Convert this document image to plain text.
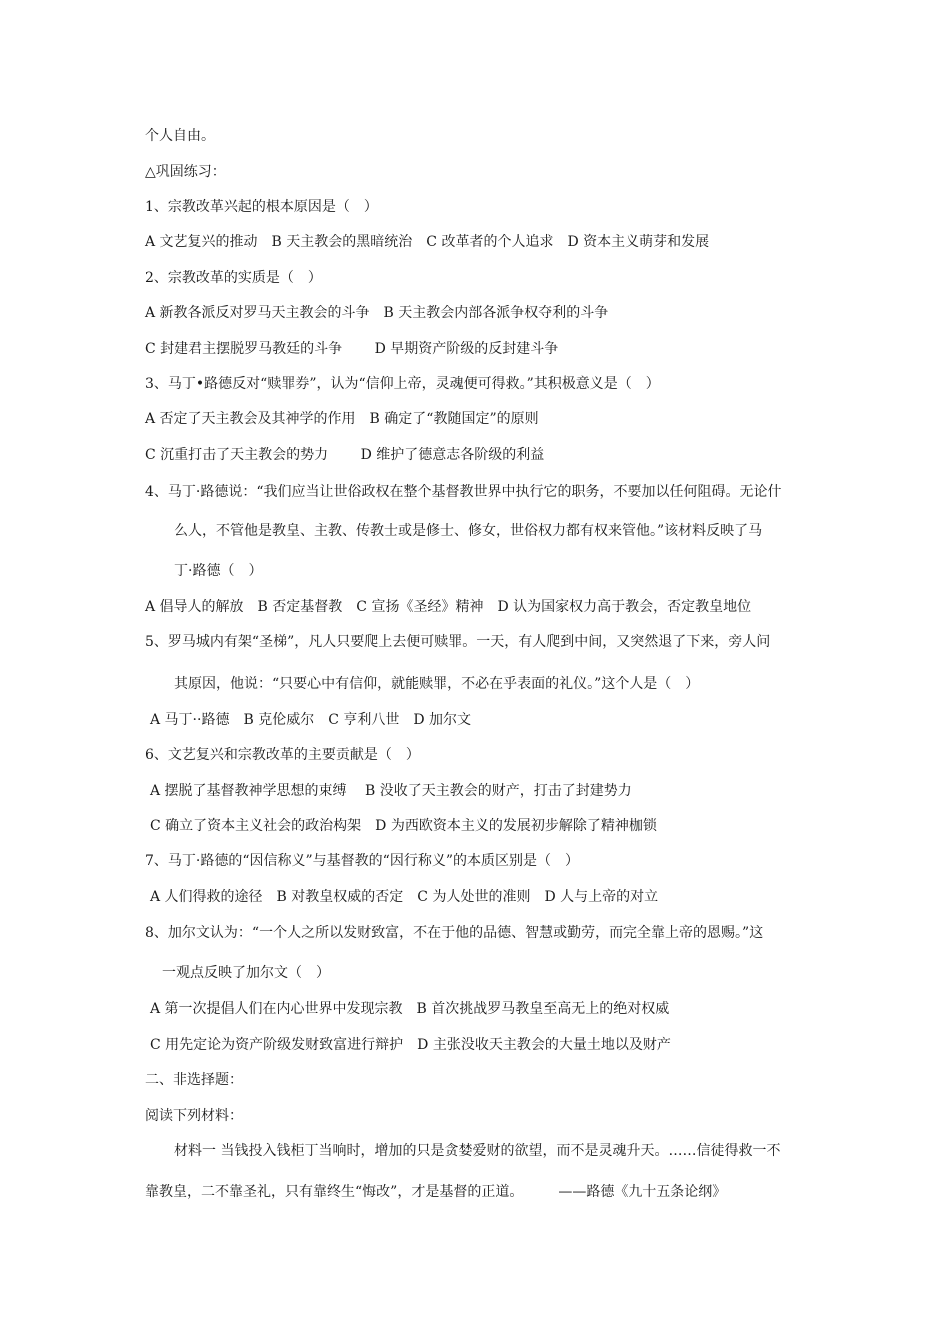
个人自由。
△巩固练习：
1、宗教改革兴起的根本原因是（　）
A 文艺复兴的推动　B 天主教会的黑暗统治　C 改革者的个人追求　D 资本主义萌芽和发展
2、宗教改革的实质是（　）
A 新教各派反对罗马天主教会的斗争　B 天主教会内部各派争权夺利的斗争
C 封建君主摆脱罗马教廷的斗争　　 D 早期资产阶级的反封建斗争
3、马丁•路德反对“赎罪券”，认为“信仰上帝，灵魂便可得救。”其积极意义是（　）
A 否定了天主教会及其神学的作用　B 确定了“教随国定”的原则
C 沉重打击了天主教会的势力　　 D 维护了德意志各阶级的利益
4、马丁·路德说：“我们应当让世俗政权在整个基督教世界中执行它的职务，不要加以任何阻碍。无论什
么人，不管他是教皇、主教、传教士或是修士、修女，世俗权力都有权来管他。”该材料反映了马
丁·路德（　）
A 倡导人的解放　B 否定基督教　C 宣扬《圣经》精神　D 认为国家权力高于教会，否定教皇地位
5、罗马城内有架“圣梯”，凡人只要爬上去便可赎罪。一天，有人爬到中间，又突然退了下来，旁人问
其原因，他说：“只要心中有信仰，就能赎罪，不必在乎表面的礼仪。”这个人是（　）
A 马丁··路德　B 克伦威尔　C 亨利八世　D 加尔文
6、文艺复兴和宗教改革的主要贡献是（　）
A 摆脱了基督教神学思想的束缚　 B 没收了天主教会的财产，打击了封建势力
C 确立了资本主义社会的政治构架　D 为西欧资本主义的发展初步解除了精神枷锁
7、马丁·路德的“因信称义”与基督教的“因行称义”的本质区别是（　）
A 人们得救的途径　B 对教皇权威的否定　C 为人处世的准则　D 人与上帝的对立
8、加尔文认为：“一个人之所以发财致富，不在于他的品德、智慧或勤劳，而完全靠上帝的恩赐。”这
一观点反映了加尔文（　）
A 第一次提倡人们在内心世界中发现宗教　B 首次挑战罗马教皇至高无上的绝对权威
C 用先定论为资产阶级发财致富进行辩护　D 主张没收天主教会的大量土地以及财产
二、非选择题：
阅读下列材料：
材料一 当钱投入钱柜丁当响时，增加的只是贪婪爱财的欲望，而不是灵魂升天。……信徒得救一不
靠教皇，二不靠圣礼，只有靠终生“悔改”，才是基督的正道。　　　——路德《九十五条论纲》
